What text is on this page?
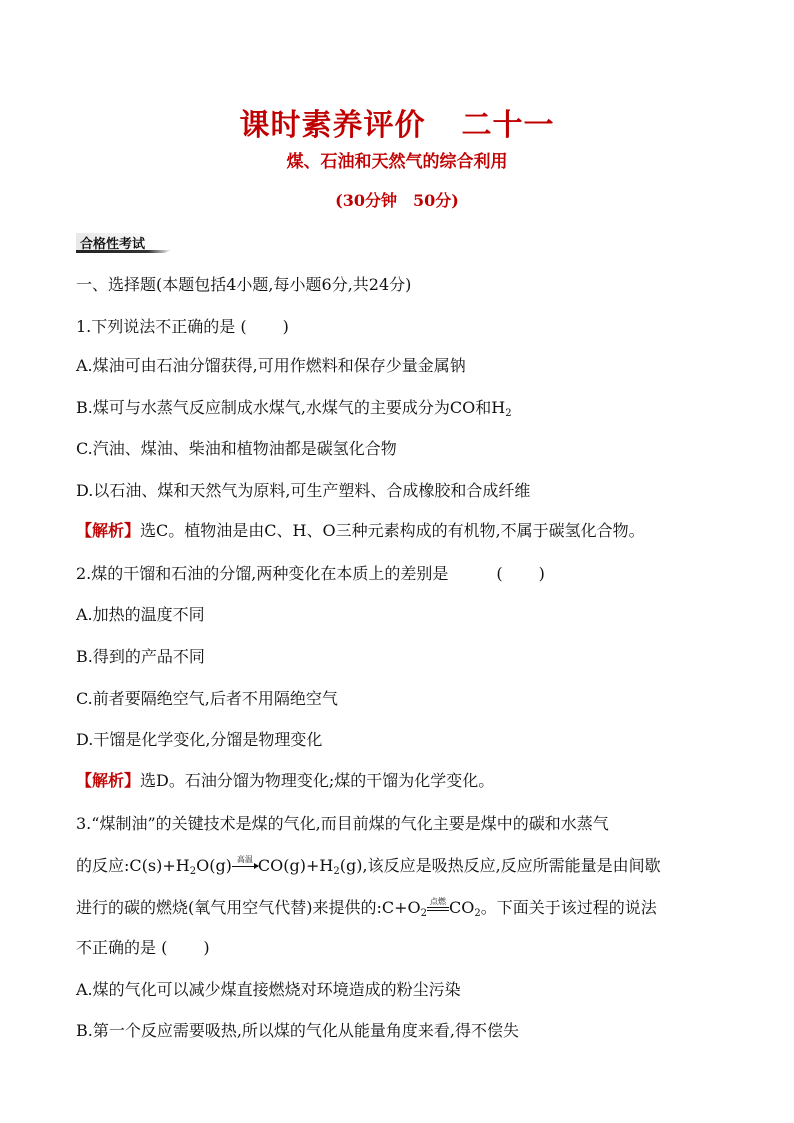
课时素养评价 二十一
煤、石油和天然气的综合利用
(30分钟 50分)
合格性考试
一、选择题(本题包括4小题,每小题6分,共24分)
1.下列说法不正确的是 ( )
A.煤油可由石油分馏获得,可用作燃料和保存少量金属钠
B.煤可与水蒸气反应制成水煤气,水煤气的主要成分为CO和$H_2$
C.汽油、煤油、柴油和植物油都是碳氢化合物
D.以石油、煤和天然气为原料,可生产塑料、合成橡胶和合成纤维
【解析】选C。植物油是由C、H、O三种元素构成的有机物,不属于碳氢化合物。
2.煤的干馏和石油的分馏,两种变化在本质上的差别是	( )
A.加热的温度不同
B.得到的产品不同
C.前者要隔绝空气,后者不用隔绝空气
D.干馏是化学变化,分馏是物理变化
【解析】选D。石油分馏为物理变化;煤的干馏为化学变化。
3.“煤制油”的关键技术是煤的气化,而目前煤的气化主要是煤中的碳和水蒸气
的反应$:C(s)+H_2O(g)$ 高温 $CO(g)+H_2(g)$,该反应是吸热反应,反应所需能量是由间歇
进行的碳的燃烧(氧气用空气代替)来提供的$:C+O_2$
点燃 $CO_2$。下面关于该过程的说法
不正确的是 ( )
A.煤的气化可以减少煤直接燃烧对环境造成的粉尘污染
B.第一个反应需要吸热,所以煤的气化从能量角度来看,得不偿失
